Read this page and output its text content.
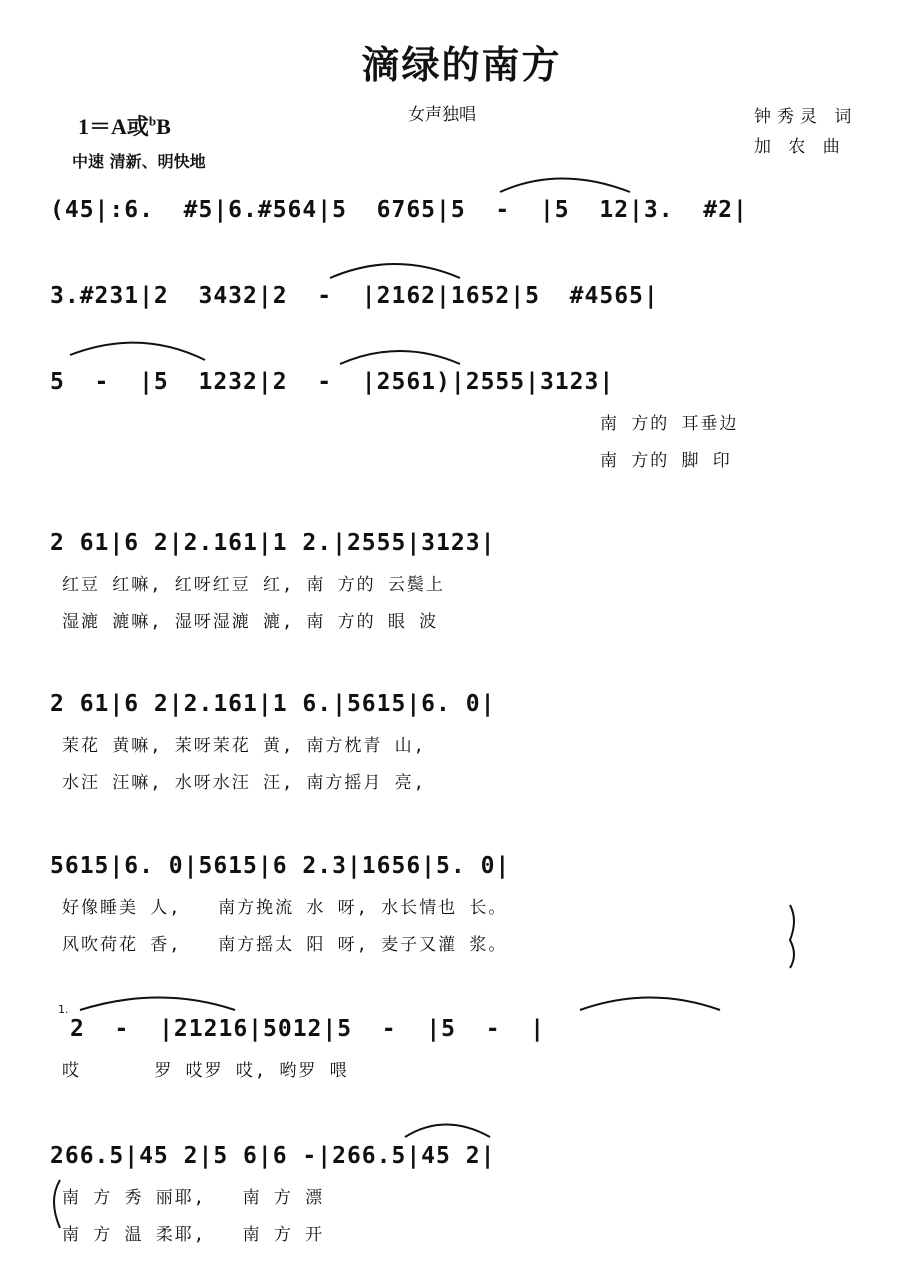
滴绿的南方
1＝A或$^b$B	女声独唱
中速 清新、明快地
钟秀灵 词
加 农 曲
(45|:6.  #5|6.#564|5  6765|5  -  |5  12|3.  #2|
3.#231|2  3432|2  -  |2162|1652|5  #4565|
5  -  |5  1232|2  -  |2561)|2555|3123|
南 方的 耳垂边
南 方的 脚 印
2 61|6 2|2.161|1 2.|2555|3123|
红豆 红嘛, 红呀红豆 红, 南 方的 云鬓上
湿漉 漉嘛, 湿呀湿漉 漉, 南 方的 眼 波
2 61|6 2|2.161|1 6.|5615|6. 0|
茉花 黄嘛, 茉呀茉花 黄, 南方枕青 山,
水汪 汪嘛, 水呀水汪 汪, 南方摇月 亮,
5615|6. 0|5615|6 2.3|1656|5. 0|
好像睡美 人,   南方挽流 水 呀, 水长情也 长。
风吹荷花 香,   南方摇太 阳 呀, 麦子又灌 浆。
1.
2  -  |21216|5012|5  -  |5  -  |
哎      罗 哎罗 哎, 哟罗 喂
266.5|45 2|5 6|6 -|266.5|45 2|
南 方 秀 丽耶,   南 方 漂
南 方 温 柔耶,   南 方 开
